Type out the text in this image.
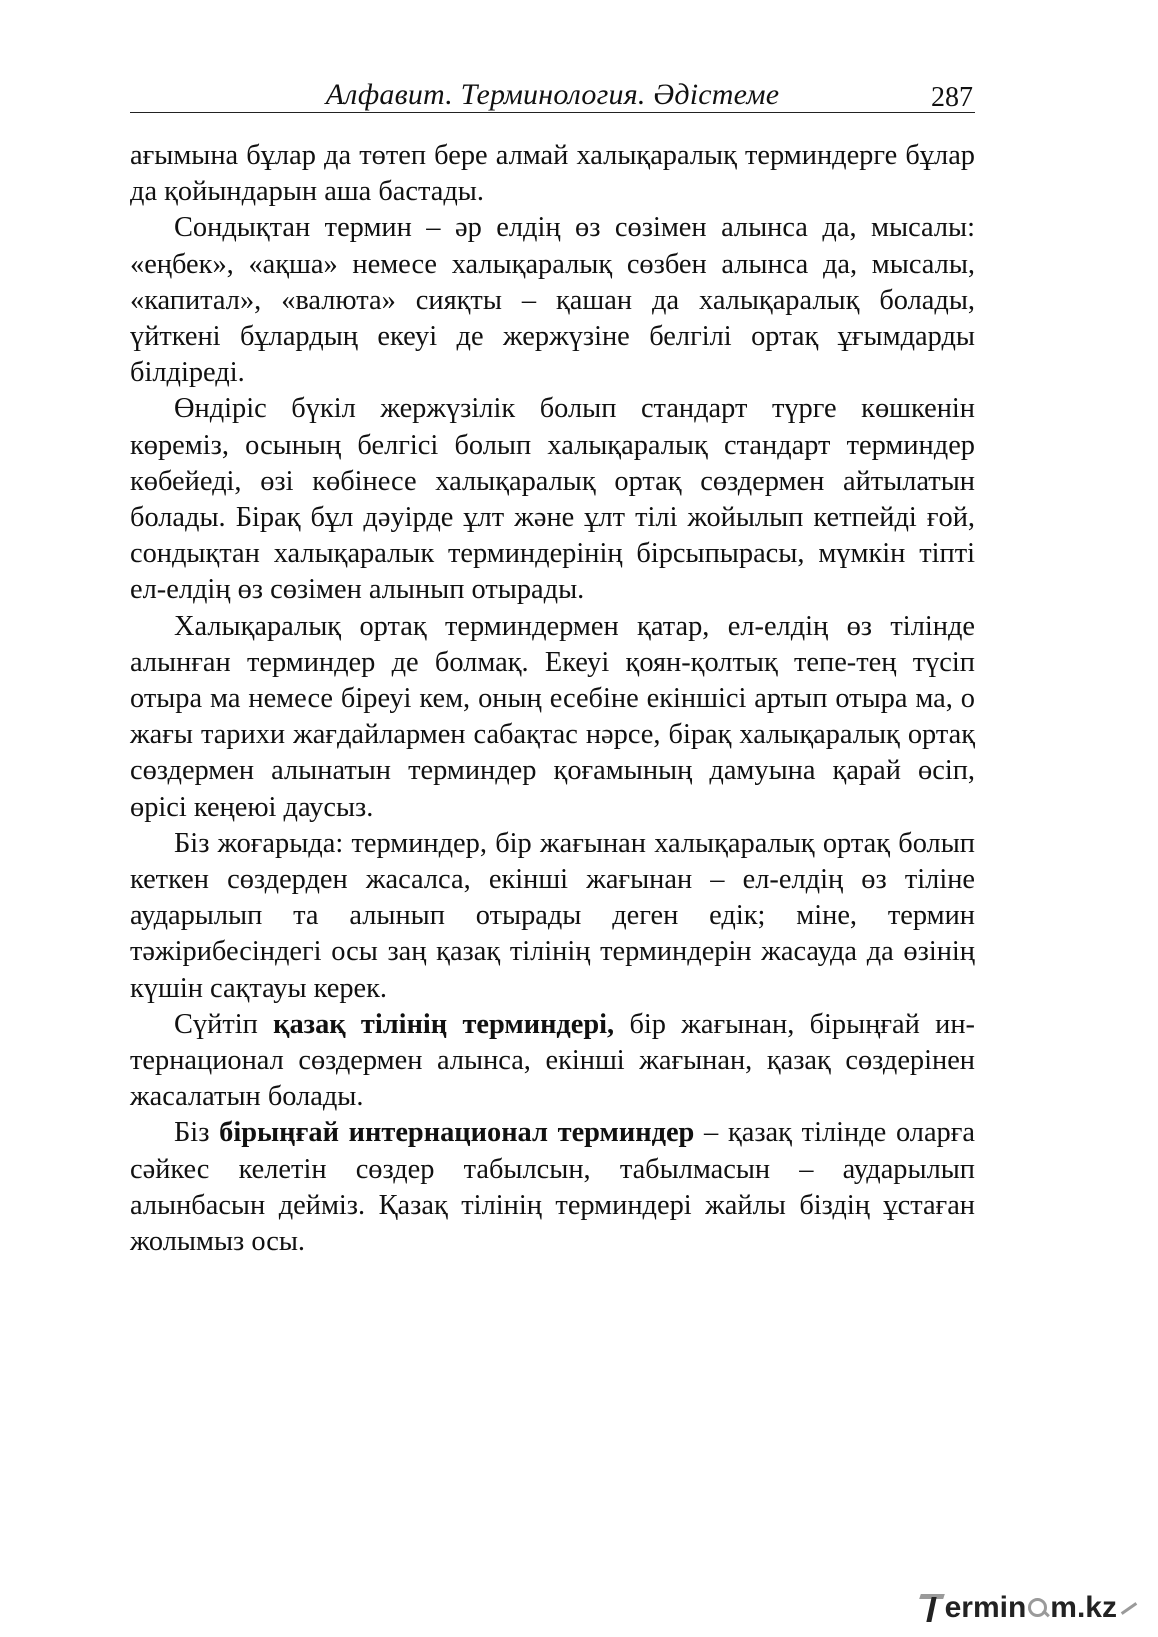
Алфавит. Терминология. Әдістеме	287

ағымына бұлар да төтеп бере алмай халықаралық терминдерге бұлар да қойындарын аша бастады.

Сондықтан термин – әр елдің өз сөзімен алынса да, мысалы: «еңбек», «ақша» немесе халықаралық сөзбен алынса да, мысалы, «капитал», «валюта» сияқты – қашан да халықаралық болады, үйткені бұлардың екеуі де жержүзіне белгілі ортақ ұғымдарды білдіреді.

Өндіріс бүкіл жержүзілік болып стандарт түрге көшкенін көреміз, осының белгісі болып халықаралық стандарт терминдер көбейеді, өзі көбінесе халықаралық ортақ сөздермен айтылатын болады. Бірақ бұл дәуірде ұлт және ұлт тілі жойылып кетпейді ғой, сондықтан халықаралык терминдерінің бірсыпырасы, мүмкін тіпті ел-елдің өз сөзімен алынып отырады.

Халықаралық ортақ терминдермен қатар, ел-елдің өз тілінде алынған терминдер де болмақ. Екеуі қоян-қолтық тепе-тең түсіп отыра ма немесе біреуі кем, оның есебіне екіншісі артып отыра ма, о жағы тарихи жағдайлармен сабақтас нәрсе, бірақ халықаралық ортақ сөздермен алынатын терминдер қоғамының дамуына қарай өсіп, өрісі кеңеюі даусыз.

Біз жоғарыда: терминдер, бір жағынан халықаралық ортақ болып кеткен сөздерден жасалса, екінші жағынан – ел-елдің өз тіліне аударылып та алынып отырады деген едік; міне, термин тәжірибесіндегі осы заң қазақ тілінің терминдерін жасауда да өзінің күшін сақтауы керек.

Сүйтіп қазақ тілінің терминдері, бір жағынан, бірыңғай интернационал сөздермен алынса, екінші жағынан, қазақ сөздерінен жасалатын болады.

Біз бірыңғай интернационал терминдер – қазақ тілінде оларға сәйкес келетін сөздер табылсын, табылмасын – аударылып алынбасын дейміз. Қазақ тілінің терминдері жайлы біздің ұстаған жолымыз осы.

ermin m.kz
